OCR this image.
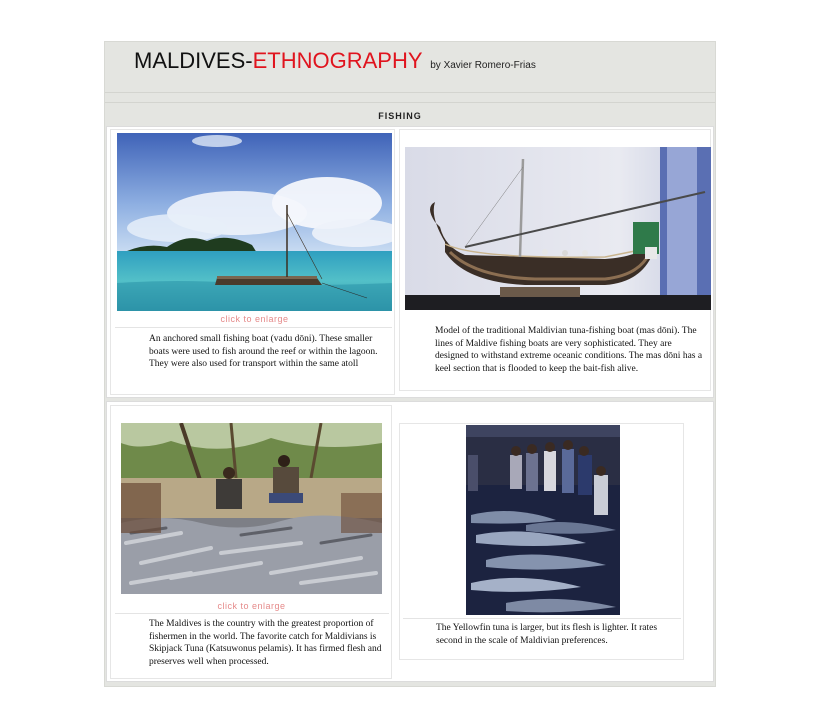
MALDIVES-ETHNOGRAPHY by Xavier Romero-Frias
FISHING
click to enlarge
An anchored small fishing boat (vadu dōni). These smaller boats were used to fish around the reef or within the lagoon. They were also used for transport within the same atoll
Model of the traditional Maldivian tuna-fishing boat (mas dōni). The lines of Maldive fishing boats are very sophisticated. They are designed to withstand extreme oceanic conditions. The mas dōni has a keel section that is flooded to keep the bait-fish alive.
click to enlarge
The Maldives is the country with the greatest proportion of fishermen in the world. The favorite catch for Maldivians is Skipjack Tuna (Katsuwonus pelamis). It has firmed flesh and preserves well when processed.
The Yellowfin tuna is larger, but its flesh is lighter. It rates second in the scale of Maldivian preferences.
